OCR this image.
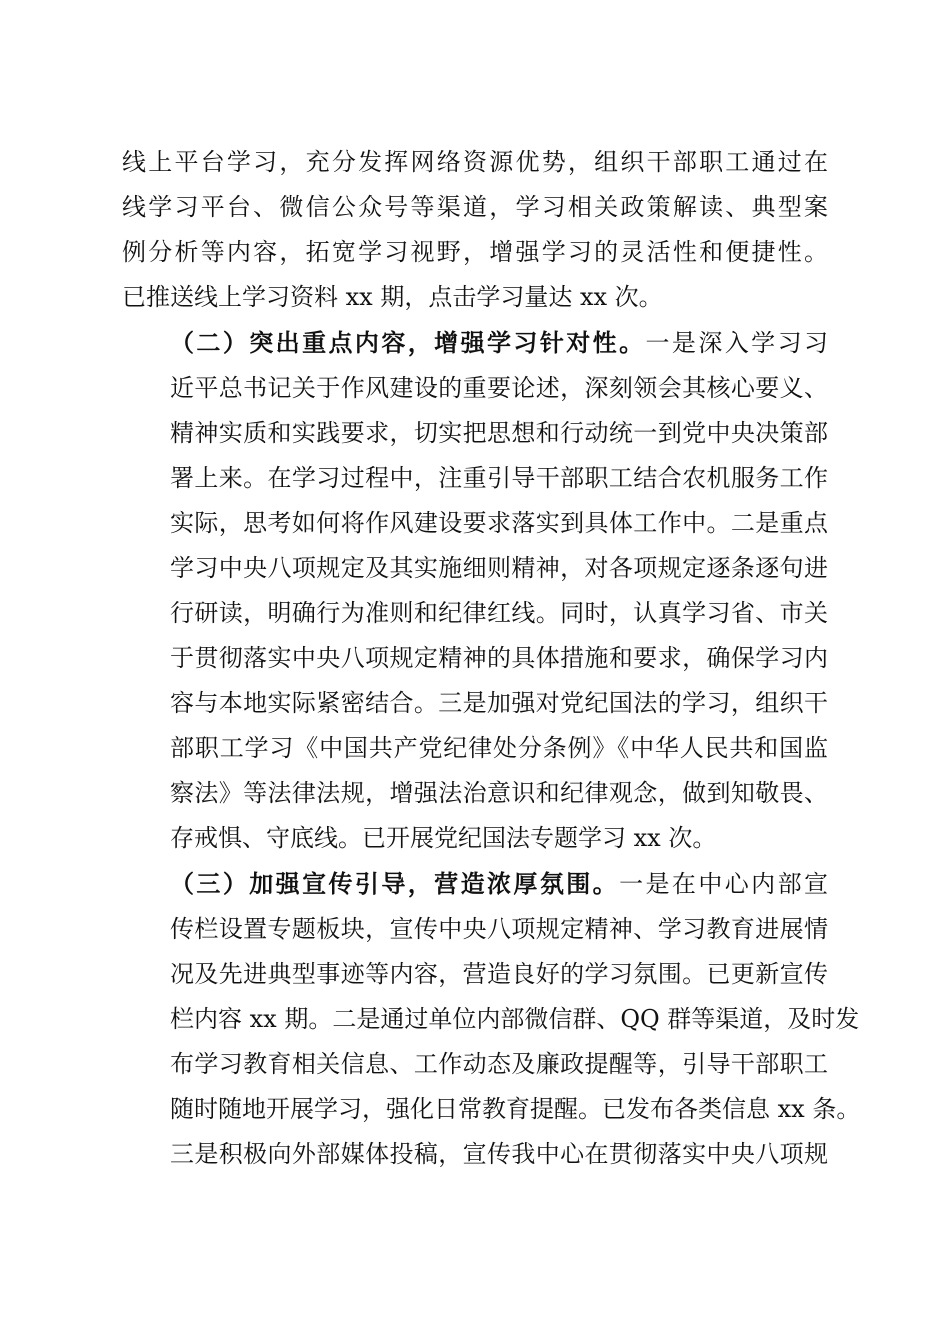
线上平台学习，充分发挥网络资源优势，组织干部职工通过在
线学习平台、微信公众号等渠道，学习相关政策解读、典型案
例分析等内容，拓宽学习视野，增强学习的灵活性和便捷性。
已推送线上学习资料 xx 期，点击学习量达 xx 次。
（二）突出重点内容，增强学习针对性。一是深入学习习
近平总书记关于作风建设的重要论述，深刻领会其核心要义、
精神实质和实践要求，切实把思想和行动统一到党中央决策部
署上来。在学习过程中，注重引导干部职工结合农机服务工作
实际，思考如何将作风建设要求落实到具体工作中。二是重点
学习中央八项规定及其实施细则精神，对各项规定逐条逐句进
行研读，明确行为准则和纪律红线。同时，认真学习省、市关
于贯彻落实中央八项规定精神的具体措施和要求，确保学习内
容与本地实际紧密结合。三是加强对党纪国法的学习，组织干
部职工学习《中国共产党纪律处分条例》《中华人民共和国监
察法》等法律法规，增强法治意识和纪律观念，做到知敬畏、
存戒惧、守底线。已开展党纪国法专题学习 xx 次。
（三）加强宣传引导，营造浓厚氛围。一是在中心内部宣
传栏设置专题板块，宣传中央八项规定精神、学习教育进展情
况及先进典型事迹等内容，营造良好的学习氛围。已更新宣传
栏内容 xx 期。二是通过单位内部微信群、QQ 群等渠道，及时发
布学习教育相关信息、工作动态及廉政提醒等，引导干部职工
随时随地开展学习，强化日常教育提醒。已发布各类信息 xx 条。
三是积极向外部媒体投稿，宣传我中心在贯彻落实中央八项规
